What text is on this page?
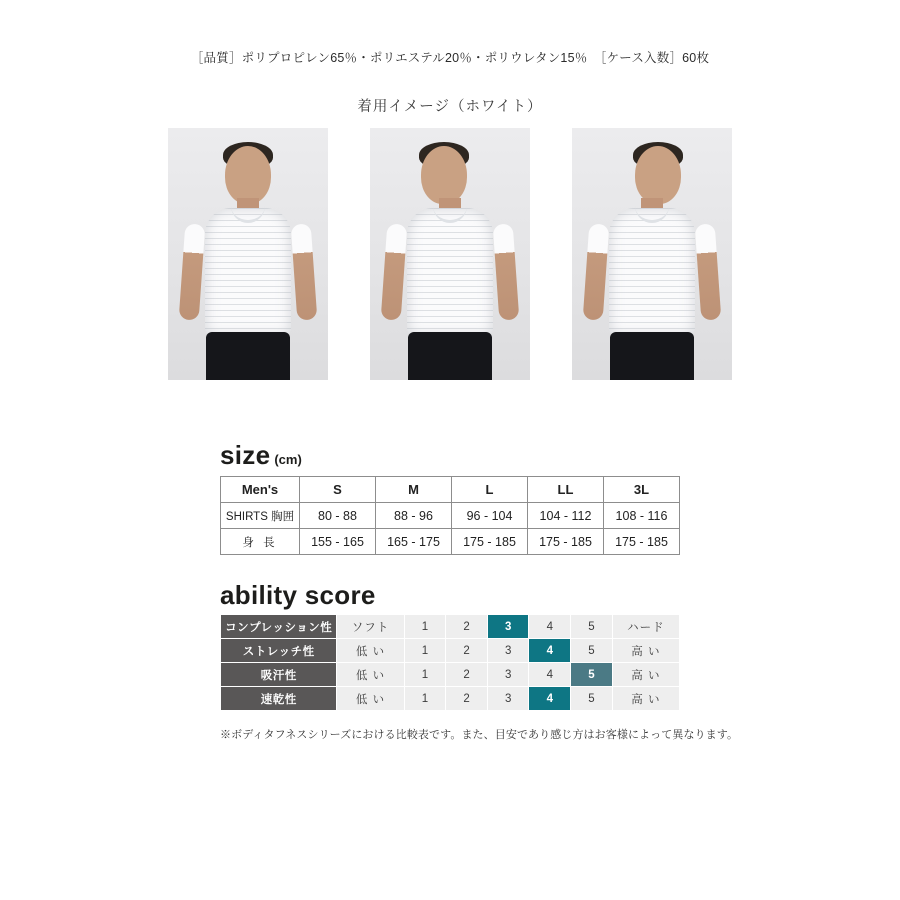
［品質］ポリプロピレン65％・ポリエステル20％・ポリウレタン15％　［ケース入数］60枚
着用イメージ（ホワイト）
size (cm)
Men's	S	M	L	LL	3L
SHIRTS 胸囲	80 - 88	88 - 96	96 - 104	104 - 112	108 - 116
身 長	155 - 165	165 - 175	175 - 185	175 - 185	175 - 185
ability score
コンプレッション性	ソフト	1	2	3	4	5	ハード
ストレッチ性	低 い	1	2	3	4	5	高 い
吸汗性	低 い	1	2	3	4	5	高 い
速乾性	低 い	1	2	3	4	5	高 い
※ボディタフネスシリーズにおける比較表です。また、目安であり感じ方はお客様によって異なります。
